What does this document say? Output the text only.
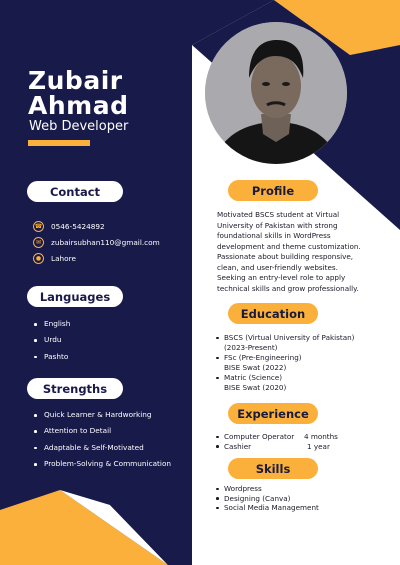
Zubair
Ahmad
Web Developer
Contact
☎ 0546-5424892
✉	zubairsubhan110@gmail.com
●	Lahore
Languages
English
Urdu
Pashto
Strengths
Quick Learner & Hardworking
Attention to Detail
Adaptable & Self-Motivated
Problem-Solving & Communication
Profile
Motivated BSCS student at Virtual University of Pakistan with strong foundational skills in WordPress development and theme customization. Passionate about building responsive, clean, and user-friendly websites. Seeking an entry-level role to apply technical skills and grow professionally.
Education
BSCS (Virtual University of Pakistan)
(2023-Present)
FSc (Pre-Engineering)
BISE Swat (2022)
Matric (Science)
BISE Swat (2020)
Experience
Computer Operator
Cashier
4 months
1 year
Skills
Wordpress
Designing (Canva)
Social Media Management
